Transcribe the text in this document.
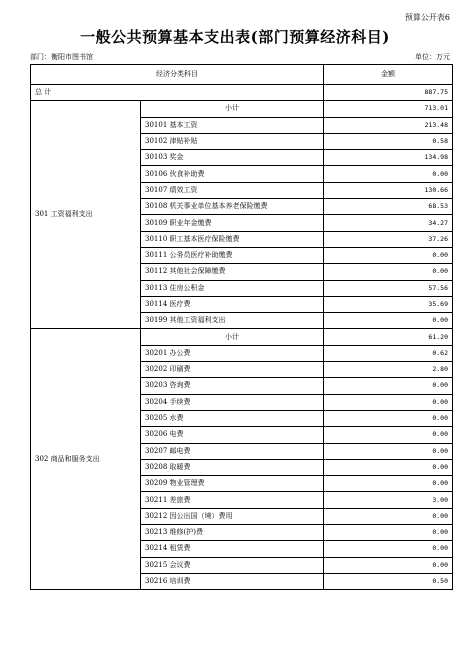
预算公开表6
一般公共预算基本支出表(部门预算经济科目)
部门：衡阳市图书馆	单位：万元
经济分类科目		金额
总 计		887.75
301 工资福利支出	小计	713.01
	30101 基本工资	213.48
	30102 津贴补贴	0.58
	30103 奖金	134.98
	30106 伙食补助费	0.00
	30107 绩效工资	130.66
	30108 机关事业单位基本养老保险缴费	68.53
	30109 职业年金缴费	34.27
	30110 职工基本医疗保险缴费	37.26
	30111 公务员医疗补助缴费	0.00
	30112 其他社会保障缴费	0.00
	30113 住房公积金	57.56
	30114 医疗费	35.69
	30199 其他工资福利支出	0.00
302 商品和服务支出	小计	61.20
	30201 办公费	0.62
	30202 印刷费	2.80
	30203 咨询费	0.00
	30204 手续费	0.00
	30205 水费	0.00
	30206 电费	0.00
	30207 邮电费	0.00
	30208 取暖费	0.00
	30209 物业管理费	0.00
	30211 差旅费	3.00
	30212 因公出国（境）费用	0.00
	30213 维修(护)费	0.00
	30214 租赁费	0.00
	30215 会议费	0.00
	30216 培训费	0.50
